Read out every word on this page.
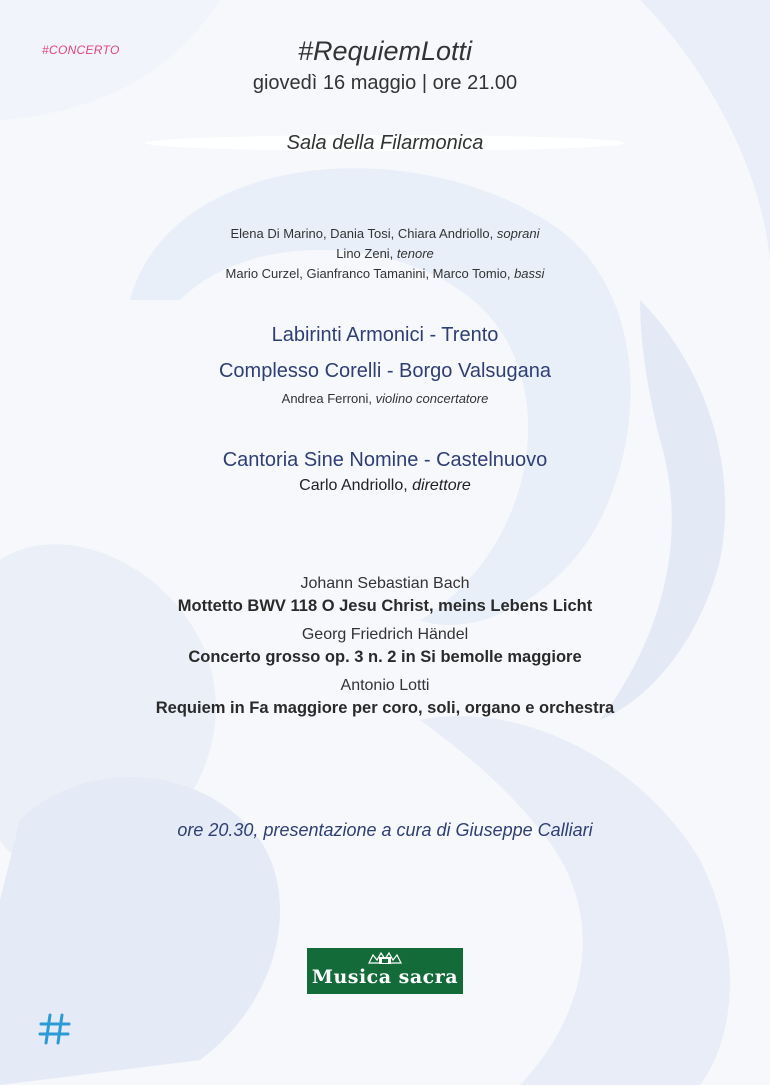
#CONCERTO	#RequiemLotti
giovedì 16 maggio | ore 21.00
Sala della Filarmonica
Elena Di Marino, Dania Tosi, Chiara Andriollo, soprani
Lino Zeni, tenore
Mario Curzel, Gianfranco Tamanini, Marco Tomio, bassi
Labirinti Armonici - Trento
Complesso Corelli - Borgo Valsugana
Andrea Ferroni, violino concertatore
Cantoria Sine Nomine - Castelnuovo
Carlo Andriollo, direttore
Johann Sebastian Bach
Mottetto BWV 118 O Jesu Christ, meins Lebens Licht
Georg Friedrich Händel
Concerto grosso op. 3 n. 2 in Si bemolle maggiore
Antonio Lotti
Requiem in Fa maggiore per coro, soli, organo e orchestra
ore 20.30, presentazione a cura di Giuseppe Calliari
Musica sacra
